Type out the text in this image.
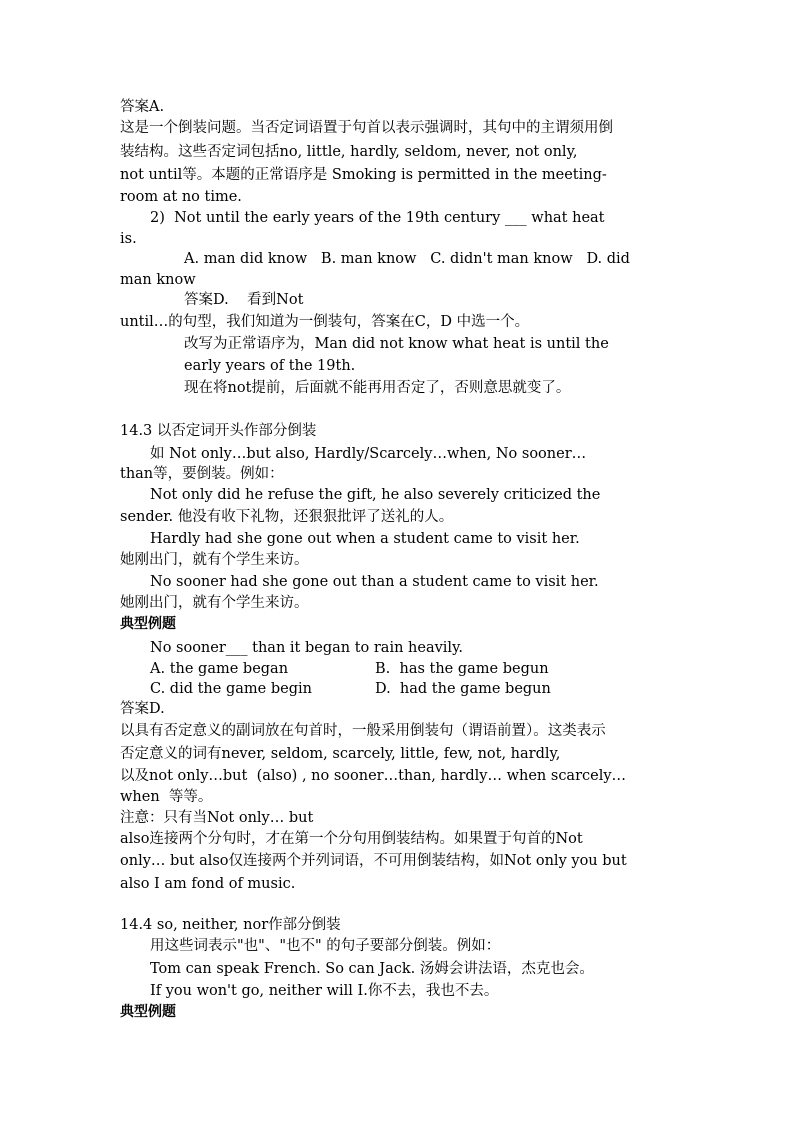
答案A.
这是一个倒装问题。当否定词语置于句首以表示强调时，其句中的主谓须用倒
装结构。这些否定词包括no, little, hardly, seldom, never, not only,
not until等。本题的正常语序是 Smoking is permitted in the meeting-
room at no time.
2)  Not until the early years of the 19th century ___ what heat
is.
A. man did know   B. man know   C. didn't man know   D. did
man know
答案D.    看到Not
until…的句型，我们知道为一倒装句，答案在C，D 中选一个。
改写为正常语序为，Man did not know what heat is until the
early years of the 19th.
现在将not提前，后面就不能再用否定了，否则意思就变了。
14.3 以否定词开头作部分倒装
如 Not only…but also, Hardly/Scarcely…when, No sooner…
than等，要倒装。例如：
Not only did he refuse the gift, he also severely criticized the
sender. 他没有收下礼物，还狠狠批评了送礼的人。
Hardly had she gone out when a student came to visit her.
她刚出门，就有个学生来访。
No sooner had she gone out than a student came to visit her.
她刚出门，就有个学生来访。
典型例题
No sooner___ than it began to rain heavily.
A. the game began	B.  has the game begun
C. did the game begin	D.  had the game begun
答案D.
以具有否定意义的副词放在句首时，一般采用倒装句（谓语前置）。这类表示
否定意义的词有never, seldom, scarcely, little, few, not, hardly,
以及not only…but  (also) , no sooner…than, hardly… when scarcely…
when  等等。
注意：只有当Not only… but
also连接两个分句时，才在第一个分句用倒装结构。如果置于句首的Not
only… but also仅连接两个并列词语，不可用倒装结构，如Not only you but
also I am fond of music.
14.4 so, neither, nor作部分倒装
用这些词表示"也"、"也不" 的句子要部分倒装。例如：
Tom can speak French. So can Jack. 汤姆会讲法语，杰克也会。
If you won't go, neither will I.你不去，我也不去。
典型例题
